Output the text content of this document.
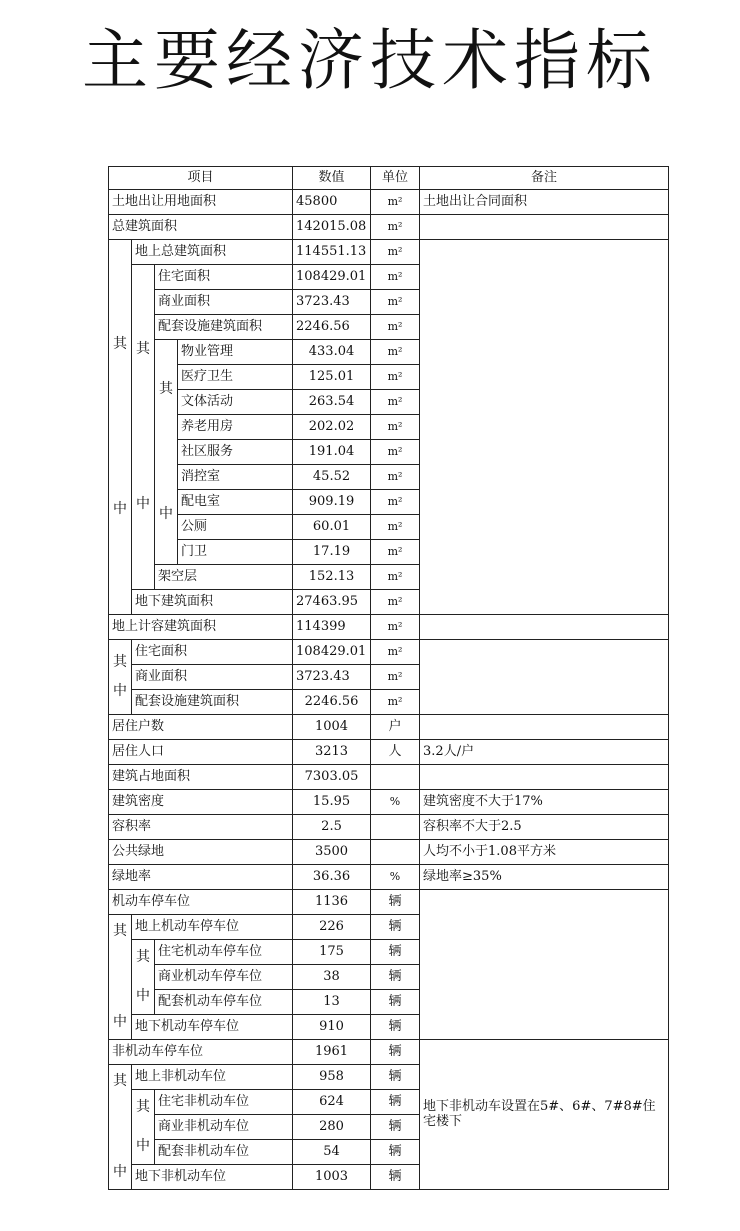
主要经济技术指标
项目				数值	单位	备注
土地出让用地面积				45800	m²	土地出让合同面积
总建筑面积				142015.08	m²	

其
中	地上总建筑面积			114551.13	m²	

	其
中	住宅面积		108429.01	m²	
		商业面积		3723.43	m²	
		配套设施建筑面积		2246.56	m²	

		其
中	物业管理	433.04	m²	
			医疗卫生	125.01	m²	
			文体活动	263.54	m²	
			养老用房	202.02	m²	
			社区服务	191.04	m²	
			消控室	45.52	m²	
			配电室	909.19	m²	
			公厕	60.01	m²	
			门卫	17.19	m²	
		架空层		152.13	m²	
	地下建筑面积			27463.95	m²	
地上计容建筑面积				114399	m²	

其
中	住宅面积			108429.01	m²	
	商业面积			3723.43	m²	
	配套设施建筑面积			2246.56	m²	
居住户数				1004	户	
居住人口				3213	人	3.2人/户
建筑占地面积				7303.05		
建筑密度				15.95	%	建筑密度不大于17%
容积率				2.5		容积率不大于2.5
公共绿地				3500		人均不小于1.08平方米
绿地率				36.36	%	绿地率≥35%
机动车停车位				1136	辆	

其
中	地上机动车停车位			226	辆	

	其
中	住宅机动车停车位		175	辆	
		商业机动车停车位		38	辆	
		配套机动车停车位		13	辆	
	地下机动车停车位			910	辆	
非机动车停车位				1961	辆	地下非机动车设置在5#、6#、7#8#住宅楼下

其
中	地上非机动车位			958	辆	

	其
中	住宅非机动车位		624	辆	
		商业非机动车位		280	辆	
		配套非机动车位		54	辆	
	地下非机动车位			1003	辆	
